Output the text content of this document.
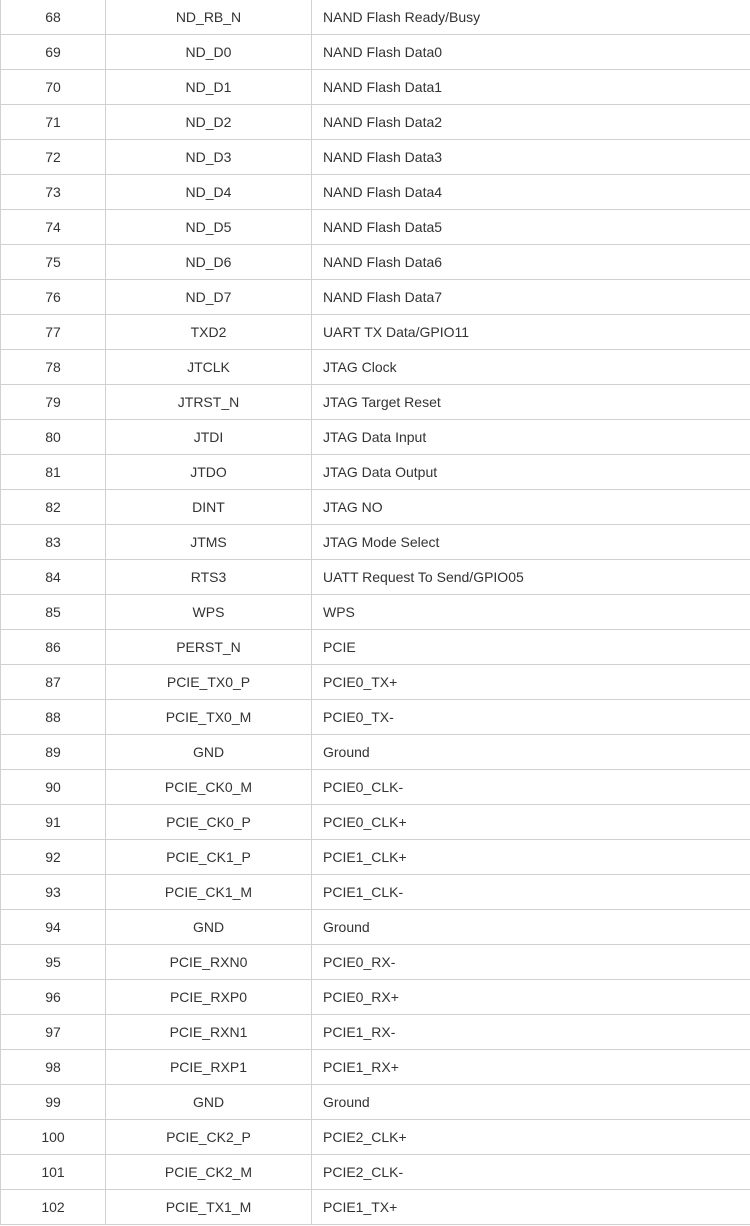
68	ND_RB_N	NAND Flash Ready/Busy
69	ND_D0	NAND Flash Data0
70	ND_D1	NAND Flash Data1
71	ND_D2	NAND Flash Data2
72	ND_D3	NAND Flash Data3
73	ND_D4	NAND Flash Data4
74	ND_D5	NAND Flash Data5
75	ND_D6	NAND Flash Data6
76	ND_D7	NAND Flash Data7
77	TXD2	UART TX Data/GPIO11
78	JTCLK	JTAG Clock
79	JTRST_N	JTAG Target Reset
80	JTDI	JTAG Data Input
81	JTDO	JTAG Data Output
82	DINT	JTAG NO
83	JTMS	JTAG Mode Select
84	RTS3	UATT Request To Send/GPIO05
85	WPS	WPS
86	PERST_N	PCIE
87	PCIE_TX0_P	PCIE0_TX+
88	PCIE_TX0_M	PCIE0_TX-
89	GND	Ground
90	PCIE_CK0_M	PCIE0_CLK-
91	PCIE_CK0_P	PCIE0_CLK+
92	PCIE_CK1_P	PCIE1_CLK+
93	PCIE_CK1_M	PCIE1_CLK-
94	GND	Ground
95	PCIE_RXN0	PCIE0_RX-
96	PCIE_RXP0	PCIE0_RX+
97	PCIE_RXN1	PCIE1_RX-
98	PCIE_RXP1	PCIE1_RX+
99	GND	Ground
100	PCIE_CK2_P	PCIE2_CLK+
101	PCIE_CK2_M	PCIE2_CLK-
102	PCIE_TX1_M	PCIE1_TX+
